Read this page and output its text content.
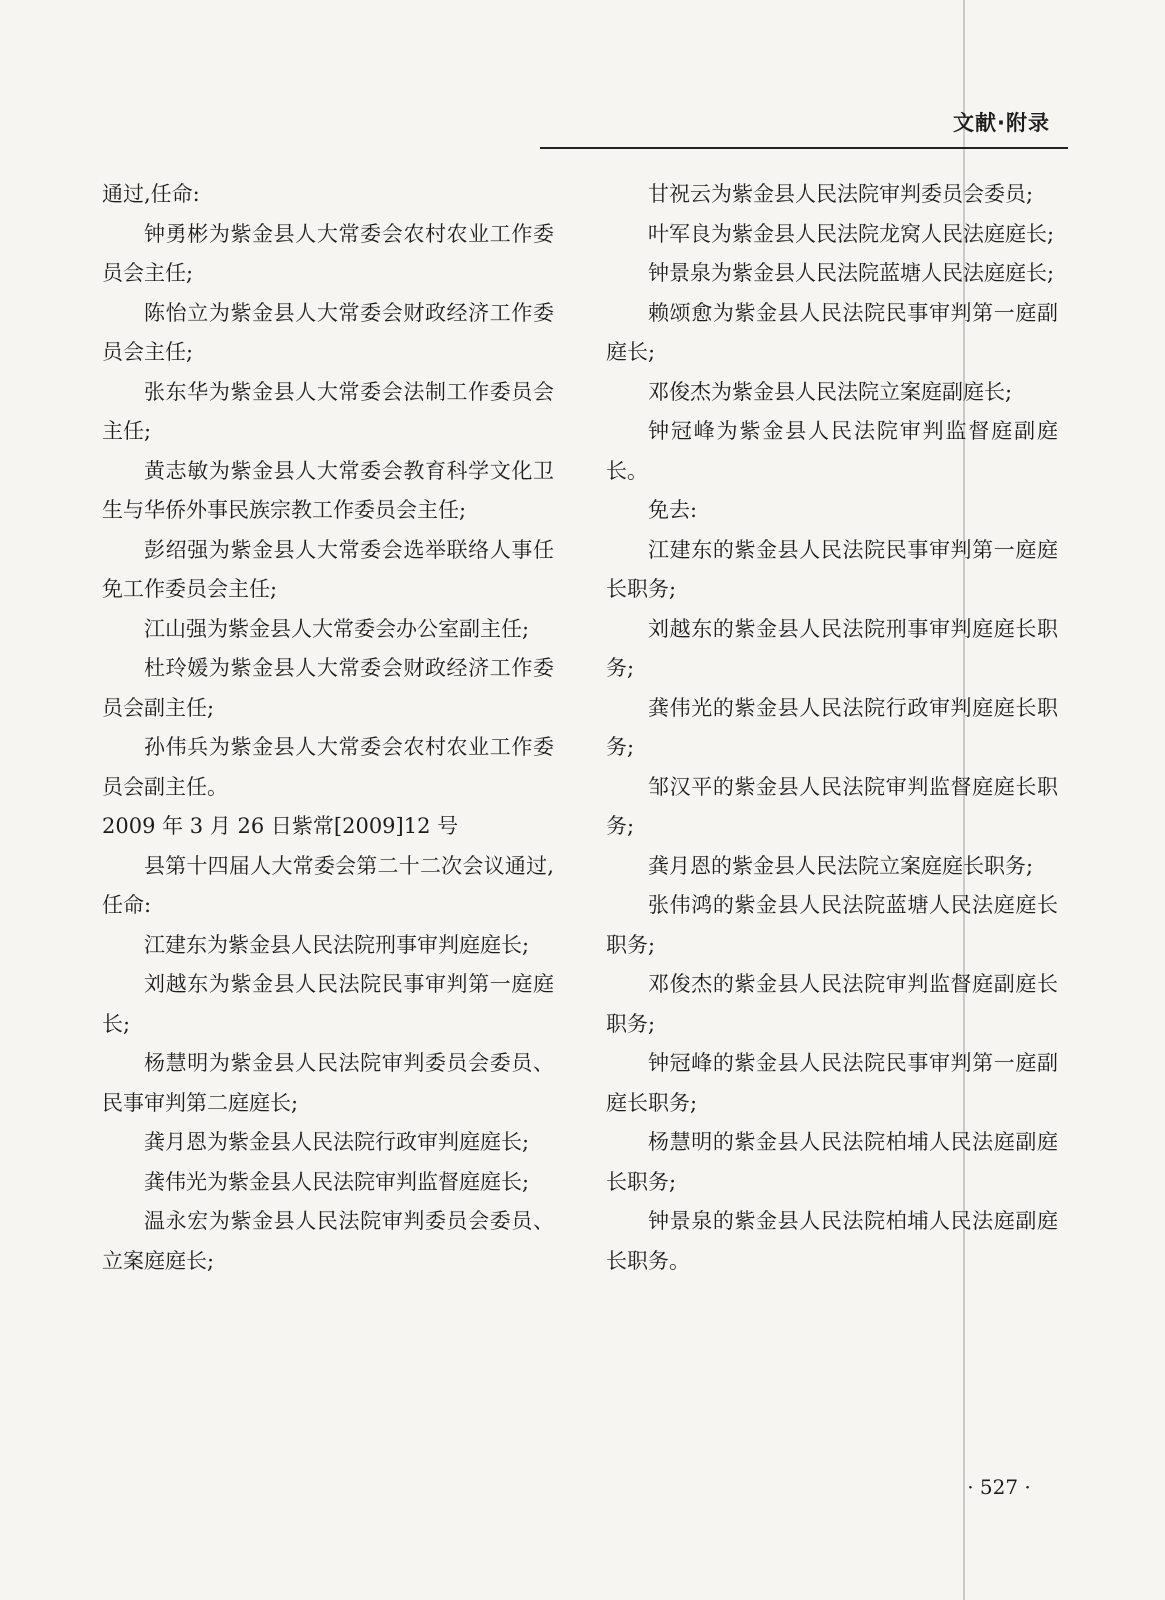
文献·附录

通过,任命:

钟勇彬为紫金县人大常委会农村农业工作委员会主任;

陈怡立为紫金县人大常委会财政经济工作委员会主任;

张东华为紫金县人大常委会法制工作委员会主任;

黄志敏为紫金县人大常委会教育科学文化卫生与华侨外事民族宗教工作委员会主任;

彭绍强为紫金县人大常委会选举联络人事任免工作委员会主任;

江山强为紫金县人大常委会办公室副主任;

杜玲媛为紫金县人大常委会财政经济工作委员会副主任;

孙伟兵为紫金县人大常委会农村农业工作委员会副主任。

2009 年 3 月 26 日紫常[2009]12 号

县第十四届人大常委会第二十二次会议通过,任命:

江建东为紫金县人民法院刑事审判庭庭长;

刘越东为紫金县人民法院民事审判第一庭庭长;

杨慧明为紫金县人民法院审判委员会委员、民事审判第二庭庭长;

龚月恩为紫金县人民法院行政审判庭庭长;

龚伟光为紫金县人民法院审判监督庭庭长;

温永宏为紫金县人民法院审判委员会委员、立案庭庭长;

甘祝云为紫金县人民法院审判委员会委员;

叶军良为紫金县人民法院龙窝人民法庭庭长;

钟景泉为紫金县人民法院蓝塘人民法庭庭长;

赖颂愈为紫金县人民法院民事审判第一庭副庭长;

邓俊杰为紫金县人民法院立案庭副庭长;

钟冠峰为紫金县人民法院审判监督庭副庭长。

免去:

江建东的紫金县人民法院民事审判第一庭庭长职务;

刘越东的紫金县人民法院刑事审判庭庭长职务;

龚伟光的紫金县人民法院行政审判庭庭长职务;

邹汉平的紫金县人民法院审判监督庭庭长职务;

龚月恩的紫金县人民法院立案庭庭长职务;

张伟鸿的紫金县人民法院蓝塘人民法庭庭长职务;

邓俊杰的紫金县人民法院审判监督庭副庭长职务;

钟冠峰的紫金县人民法院民事审判第一庭副庭长职务;

杨慧明的紫金县人民法院柏埔人民法庭副庭长职务;

钟景泉的紫金县人民法院柏埔人民法庭副庭长职务。

· 527 ·
